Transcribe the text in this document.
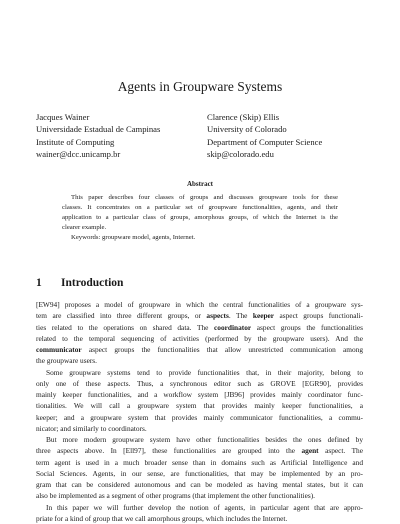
Agents in Groupware Systems
Jacques Wainer
Universidade Estadual de Campinas
Institute of Computing
wainer@dcc.unicamp.br
Clarence (Skip) Ellis
University of Colorado
Department of Computer Science
skip@colorado.edu
Abstract

This paper describes four classes of groups and discusses groupware tools for these
classes. It concentrates on a particular set of groupware functionalities, agents, and their
application to a particular class of groups, amorphous groups, of which the Internet is the
clearer example.

Keywords: groupware model, agents, Internet.

1 Introduction

[EW94] proposes a model of groupware in which the central functionalities of a groupware sys-
tem are classified into three different groups, or aspects. The keeper aspect groups functionali-
ties related to the operations on shared data. The coordinator aspect groups the functionalities
related to the temporal sequencing of activities (performed by the groupware users). And the
communicator aspect groups the functionalities that allow unrestricted communication among
the groupware users.

Some groupware systems tend to provide functionalities that, in their majority, belong to
only one of these aspects. Thus, a synchronous editor such as GROVE [EGR90], provides
mainly keeper functionalities, and a workflow system [JB96] provides mainly coordinator func-
tionalities. We will call a groupware system that provides mainly keeper functionalities, a
keeper; and a groupware system that provides mainly communicator functionalities, a commu-
nicator; and similarly to coordinators.

But more modern groupware system have other functionalities besides the ones defined by
three aspects above. In [Ell97], these functionalities are grouped into the agent aspect. The
term agent is used in a much broader sense than in domains such as Artificial Intelligence and
Social Sciences. Agents, in our sense, are functionalities, that may be implemented by an pro-
gram that can be considered autonomous and can be modeled as having mental states, but it can
also be implemented as a segment of other programs (that implement the other functionalities).

In this paper we will further develop the notion of agents, in particular agent that are appro-
priate for a kind of group that we call amorphous groups, which includes the Internet.
